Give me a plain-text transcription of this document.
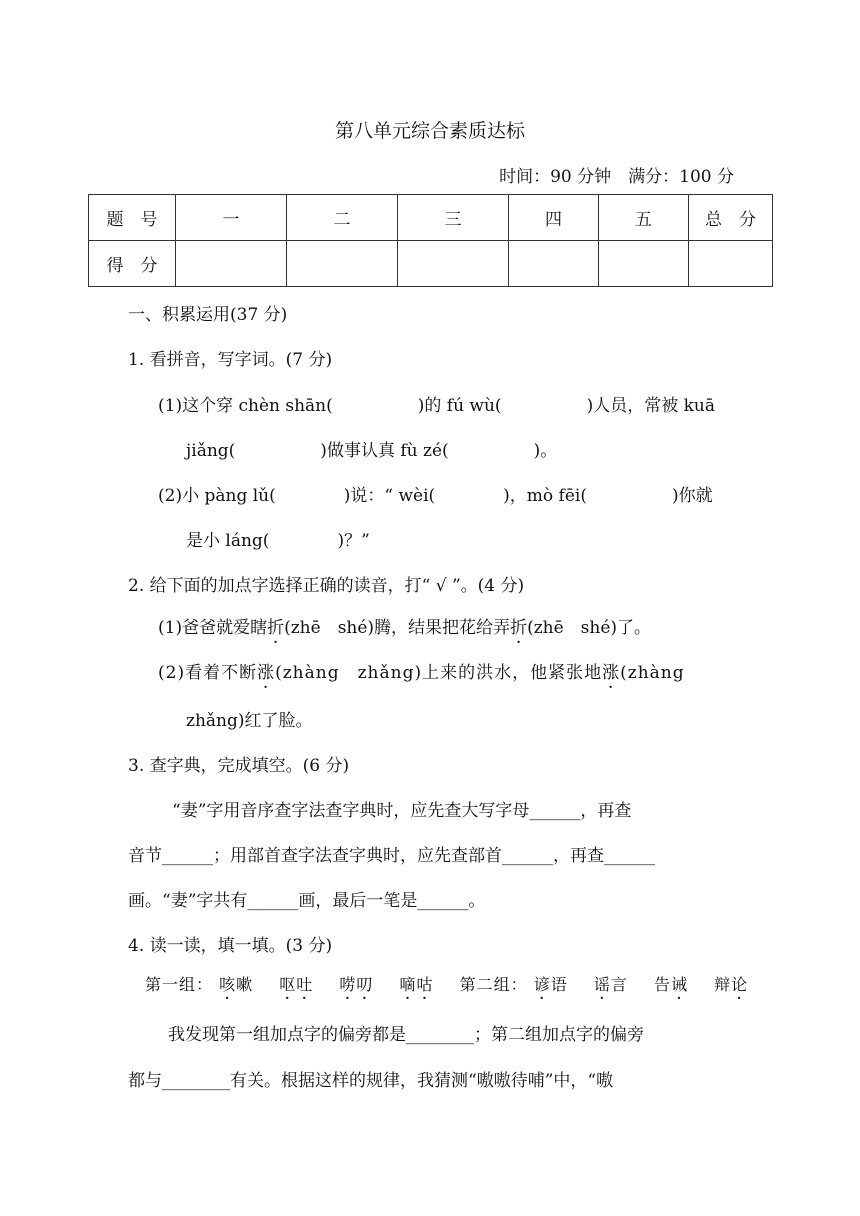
第八单元综合素质达标
时间：90 分钟　满分：100 分
题　号	一	二	三	四	五	总　分
得　分						
一、积累运用(37 分)
1. 看拼音，写字词。(7 分)
(1)这个穿 chèn shān(　　　　　)的 fú wù(　　　　　)人员，常被 kuā
jiǎng(　　　　　)做事认真 fù zé(　　　　　)。
(2)小 pàng lǔ(　　　　)说：“ wèi(　　　　)，mò fēi(　　　　　)你就
是小 láng(　　　　)？”
2. 给下面的加点字选择正确的读音，打“ √ ”。(4 分)
(1)爸爸就爱瞎折(zhē　shé)腾，结果把花给弄折(zhē　shé)了。
(2)看着不断涨(zhàng　zhǎng)上来的洪水，他紧张地涨(zhàng
zhǎng)红了脸。
3. 查字典，完成填空。(6 分)
“妻”字用音序查字法查字典时，应先查大写字母______，再查
音节______；用部首查字法查字典时，应先查部首______，再查______
画。“妻”字共有______画，最后一笔是______。
4. 读一读，填一填。(3 分)
第一组： 咳嗽 呕吐 唠叨 嘀咕 第二组： 谚语 谣言 告诫 辩论
我发现第一组加点字的偏旁都是________；第二组加点字的偏旁
都与________有关。根据这样的规律，我猜测“嗷嗷待哺”中，“嗷
